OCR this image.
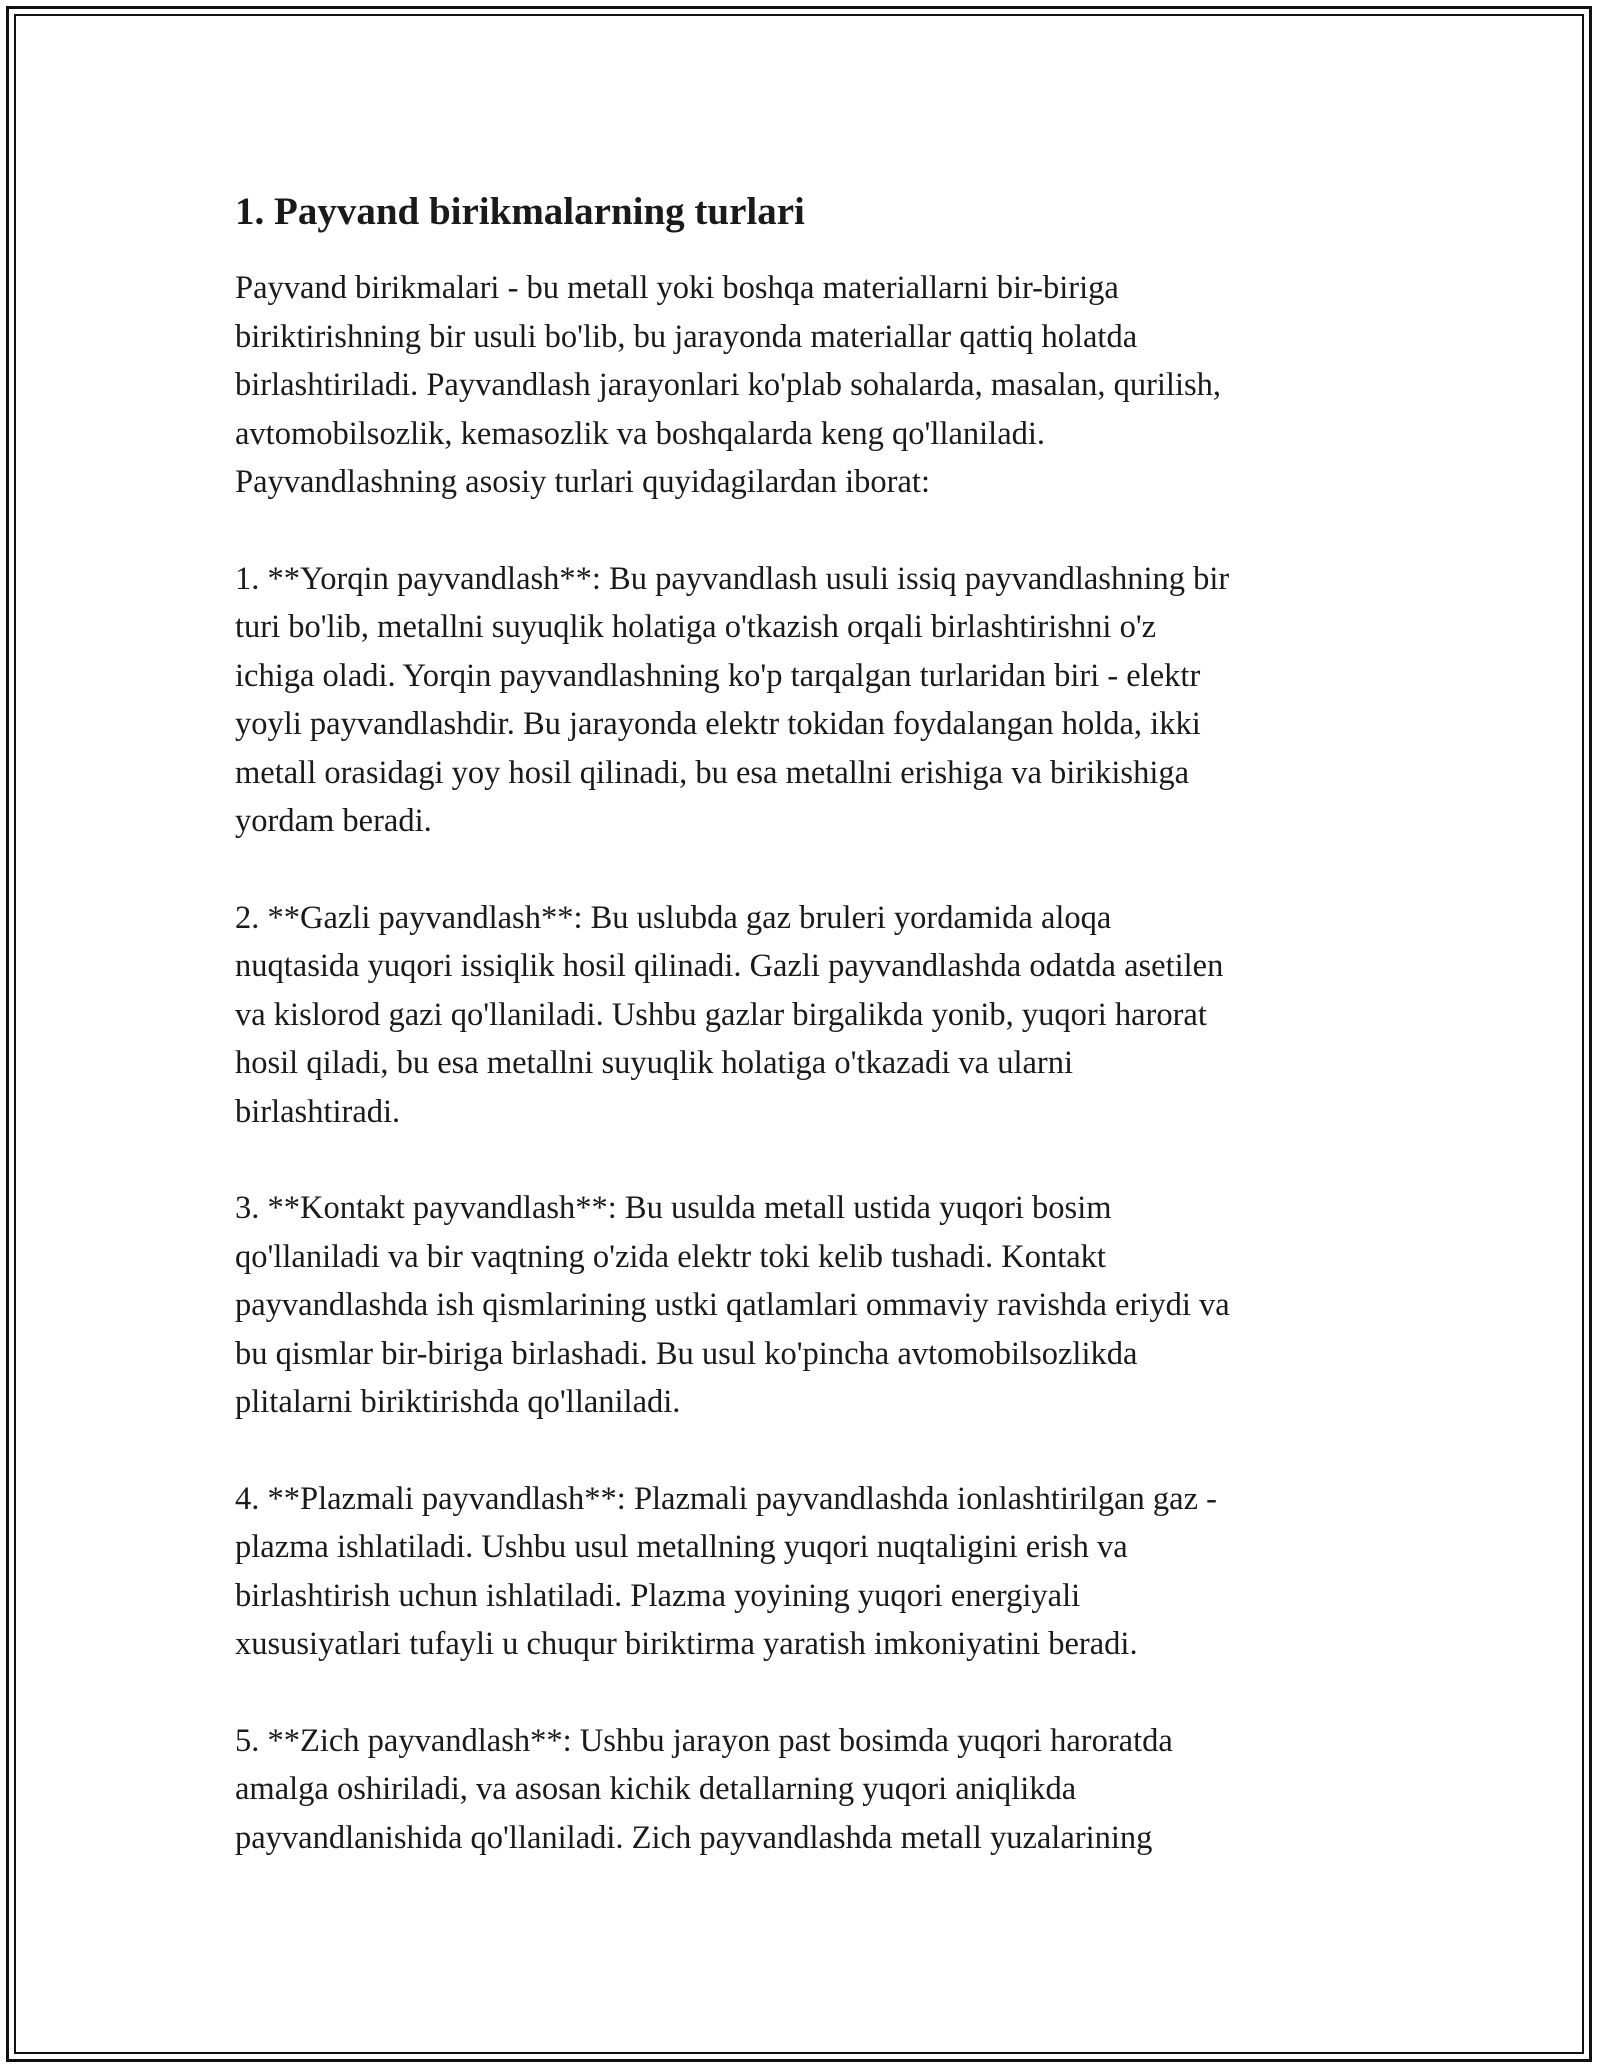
1. Payvand birikmalarning turlari

Payvand birikmalari - bu metall yoki boshqa materiallarni bir-biriga
biriktirishning bir usuli bo'lib, bu jarayonda materiallar qattiq holatda
birlashtiriladi. Payvandlash jarayonlari ko'plab sohalarda, masalan, qurilish,
avtomobilsozlik, kemasozlik va boshqalarda keng qo'llaniladi.
Payvandlashning asosiy turlari quyidagilardan iborat:

1. **Yorqin payvandlash**: Bu payvandlash usuli issiq payvandlashning bir
turi bo'lib, metallni suyuqlik holatiga o'tkazish orqali birlashtirishni o'z
ichiga oladi. Yorqin payvandlashning ko'p tarqalgan turlaridan biri - elektr
yoyli payvandlashdir. Bu jarayonda elektr tokidan foydalangan holda, ikki
metall orasidagi yoy hosil qilinadi, bu esa metallni erishiga va birikishiga
yordam beradi.

2. **Gazli payvandlash**: Bu uslubda gaz bruleri yordamida aloqa
nuqtasida yuqori issiqlik hosil qilinadi. Gazli payvandlashda odatda asetilen
va kislorod gazi qo'llaniladi. Ushbu gazlar birgalikda yonib, yuqori harorat
hosil qiladi, bu esa metallni suyuqlik holatiga o'tkazadi va ularni
birlashtiradi.

3. **Kontakt payvandlash**: Bu usulda metall ustida yuqori bosim
qo'llaniladi va bir vaqtning o'zida elektr toki kelib tushadi. Kontakt
payvandlashda ish qismlarining ustki qatlamlari ommaviy ravishda eriydi va
bu qismlar bir-biriga birlashadi. Bu usul ko'pincha avtomobilsozlikda
plitalarni biriktirishda qo'llaniladi.

4. **Plazmali payvandlash**: Plazmali payvandlashda ionlashtirilgan gaz -
plazma ishlatiladi. Ushbu usul metallning yuqori nuqtaligini erish va
birlashtirish uchun ishlatiladi. Plazma yoyining yuqori energiyali
xususiyatlari tufayli u chuqur biriktirma yaratish imkoniyatini beradi.

5. **Zich payvandlash**: Ushbu jarayon past bosimda yuqori haroratda
amalga oshiriladi, va asosan kichik detallarning yuqori aniqlikda
payvandlanishida qo'llaniladi. Zich payvandlashda metall yuzalarining
